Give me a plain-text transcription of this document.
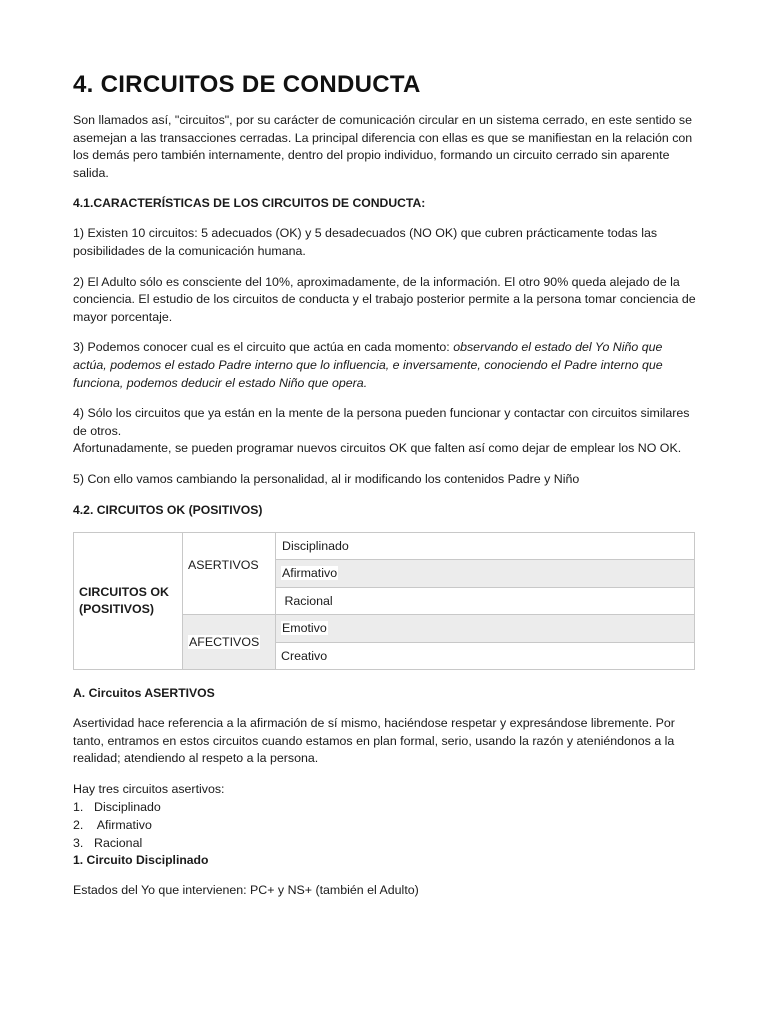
4. CIRCUITOS DE CONDUCTA

Son llamados así, "circuitos", por su carácter de comunicación circular en un sistema cerrado, en este sentido se asemejan a las transacciones cerradas. La principal diferencia con ellas es que se manifiestan en la relación con los demás pero también internamente, dentro del propio individuo, formando un circuito cerrado sin aparente salida.

4.1.CARACTERÍSTICAS DE LOS CIRCUITOS DE CONDUCTA:

1) Existen 10 circuitos: 5 adecuados (OK) y 5 desadecuados (NO OK) que cubren prácticamente todas las posibilidades de la comunicación humana.

2) El Adulto sólo es consciente del 10%, aproximadamente, de la información. El otro 90% queda alejado de la conciencia. El estudio de los circuitos de conducta y el trabajo posterior permite a la persona tomar conciencia de mayor porcentaje.

3) Podemos conocer cual es el circuito que actúa en cada momento: observando el estado del Yo Niño que actúa, podemos el estado Padre interno que lo influencia, e inversamente, conociendo el Padre interno que funciona, podemos deducir el estado Niño que opera.

4) Sólo los circuitos que ya están en la mente de la persona pueden funcionar y contactar con circuitos similares de otros.

Afortunadamente, se pueden programar nuevos circuitos OK que falten así como dejar de emplear los NO OK.

5) Con ello vamos cambiando la personalidad, al ir modificando los contenidos Padre y Niño

4.2. CIRCUITOS OK (POSITIVOS)

CIRCUITOS OK
(POSITIVOS)	ASERTIVOS	Disciplinado
		Afirmativo
		Racional
	AFECTIVOS	Emotivo
		Creativo

A. Circuitos ASERTIVOS

Asertividad hace referencia a la afirmación de sí mismo, haciéndose respetar y expresándose libremente. Por tanto, entramos en estos circuitos cuando estamos en plan formal, serio, usando la razón y ateniéndonos a la realidad; atendiendo al respeto a la persona.

Hay tres circuitos asertivos:

1. Disciplinado
2. Afirmativo
3. Racional

1. Circuito Disciplinado

Estados del Yo que intervienen: PC+ y NS+ (también el Adulto)
